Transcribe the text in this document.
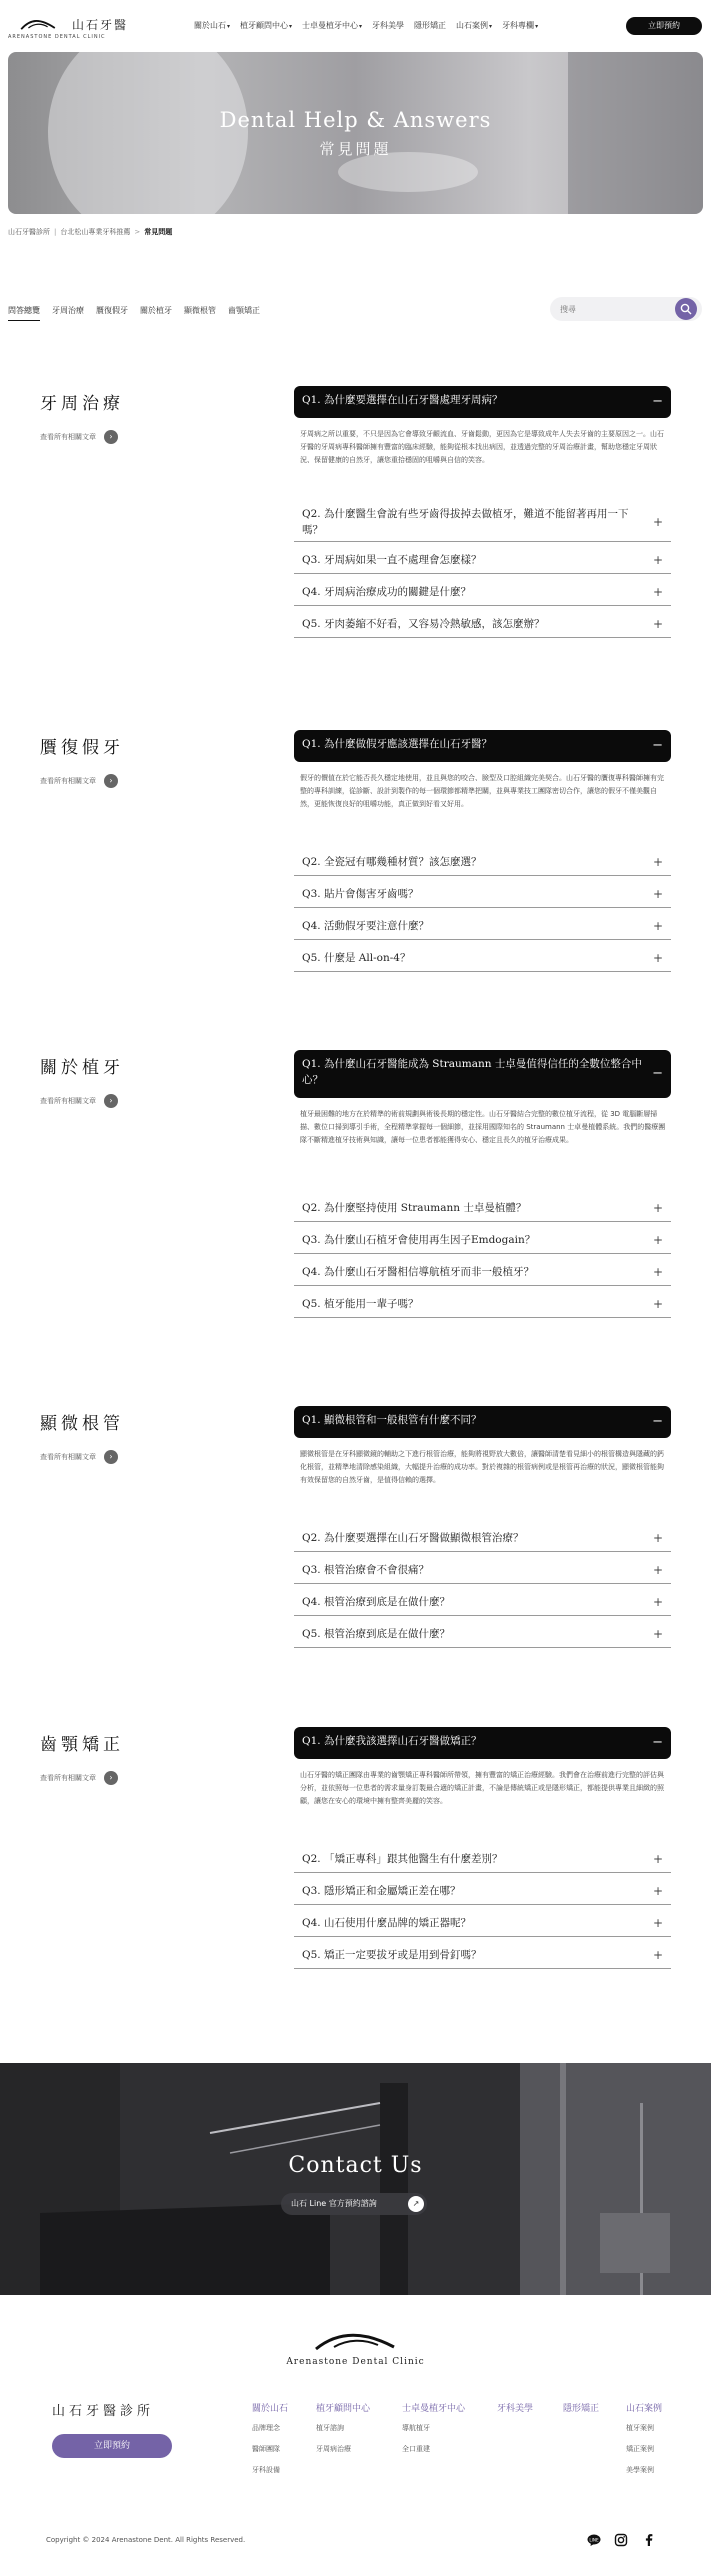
山石牙醫
ARENASTONE DENTAL CLINIC
關於山石▾ 植牙顧問中心▾ 士卓曼植牙中心▾ 牙科美學 隱形矯正 山石案例▾ 牙科專欄▾	立即預約
Dental Help & Answers
常見問題
山石牙醫診所 | 台北松山專業牙科推薦 > 常見問題
問答總覽 牙周治療 贋復假牙 關於植牙 顯微根管 齒顎矯正
搜尋
牙周治療
查看所有相關文章 ›
Q1. 為什麼要選擇在山石牙醫處理牙周病？	−
牙周病之所以重要，不只是因為它會導致牙齦流血、牙齒鬆動，更因為它是導致成年人失去牙齒的主要原因之一。山石牙醫的牙周病專科醫師擁有豐富的臨床經驗，能夠從根本找出病因，並透過完整的牙周治療計畫，幫助您穩定牙周狀況、保留健康的自然牙，讓您重拾穩固的咀嚼與自信的笑容。
Q2. 為什麼醫生會說有些牙齒得拔掉去做植牙，難道不能留著再用一下嗎？
+
Q3. 牙周病如果一直不處理會怎麼樣？	+
Q4. 牙周病治療成功的關鍵是什麼？	+
Q5. 牙肉萎縮不好看，又容易冷熱敏感，該怎麼辦？	+
贋復假牙
查看所有相關文章 ›
Q1. 為什麼做假牙應該選擇在山石牙醫？	−
假牙的價值在於它能否長久穩定地使用，並且與您的咬合、臉型及口腔組織完美契合。山石牙醫的贋復專科醫師擁有完整的專科訓練，從診斷、設計到製作的每一個環節都精準把關，並與專業技工團隊密切合作，讓您的假牙不僅美觀自然，更能恢復良好的咀嚼功能，真正做到好看又好用。
Q2. 全瓷冠有哪幾種材質？該怎麼選？	+
Q3. 貼片會傷害牙齒嗎？	+
Q4. 活動假牙要注意什麼？	+
Q5. 什麼是 All-on-4？	+
關於植牙
查看所有相關文章 ›
Q1. 為什麼山石牙醫能成為 Straumann 士卓曼值得信任的全數位整合中心？	−
植牙最困難的地方在於精準的術前規劃與術後長期的穩定性。山石牙醫結合完整的數位植牙流程，從 3D 電腦斷層掃描、數位口掃到導引手術，全程精準掌握每一個細節，並採用國際知名的 Straumann 士卓曼植體系統。我們的醫療團隊不斷精進植牙技術與知識，讓每一位患者都能獲得安心、穩定且長久的植牙治療成果。
Q2. 為什麼堅持使用 Straumann 士卓曼植體？	+
Q3. 為什麼山石植牙會使用再生因子Emdogain？	+
Q4. 為什麼山石牙醫相信導航植牙而非一般植牙？	+
Q5. 植牙能用一輩子嗎？	+
顯微根管
查看所有相關文章 ›
Q1. 顯微根管和一般根管有什麼不同？	−
顯微根管是在牙科顯微鏡的輔助之下進行根管治療，能夠將視野放大數倍，讓醫師清楚看見細小的根管構造與隱藏的鈣化根管，並精準地清除感染組織，大幅提升治療的成功率。對於複雜的根管病例或是根管再治療的狀況，顯微根管能夠有效保留您的自然牙齒，是值得信賴的選擇。
Q2. 為什麼要選擇在山石牙醫做顯微根管治療？	+
Q3. 根管治療會不會很痛？	+
Q4. 根管治療到底是在做什麼？	+
Q5. 根管治療到底是在做什麼？	+
齒顎矯正
查看所有相關文章 ›
Q1. 為什麼我該選擇山石牙醫做矯正？	−
山石牙醫的矯正團隊由專業的齒顎矯正專科醫師所帶領，擁有豐富的矯正治療經驗。我們會在治療前進行完整的評估與分析，並依照每一位患者的需求量身訂製最合適的矯正計畫，不論是傳統矯正或是隱形矯正，都能提供專業且細緻的照顧，讓您在安心的環境中擁有整齊美麗的笑容。
Q2. 「矯正專科」跟其他醫生有什麼差別？	+
Q3. 隱形矯正和金屬矯正差在哪？	+
Q4. 山石使用什麼品牌的矯正器呢？	+
Q5. 矯正一定要拔牙或是用到骨釘嗎？	+
Contact Us
山石 Line 官方預約諮詢	↗
Arenastone Dental Clinic
山石牙醫診所
立即預約
關於山石
品牌理念
醫師團隊
牙科設備
植牙顧問中心
植牙諮詢
牙周病治療
士卓曼植牙中心
導航植牙
全口重建
牙科美學	隱形矯正	山石案例
植牙案例
矯正案例
美學案例
Copyright © 2024 Arenastone Dent. All Rights Reserved.	LINE
